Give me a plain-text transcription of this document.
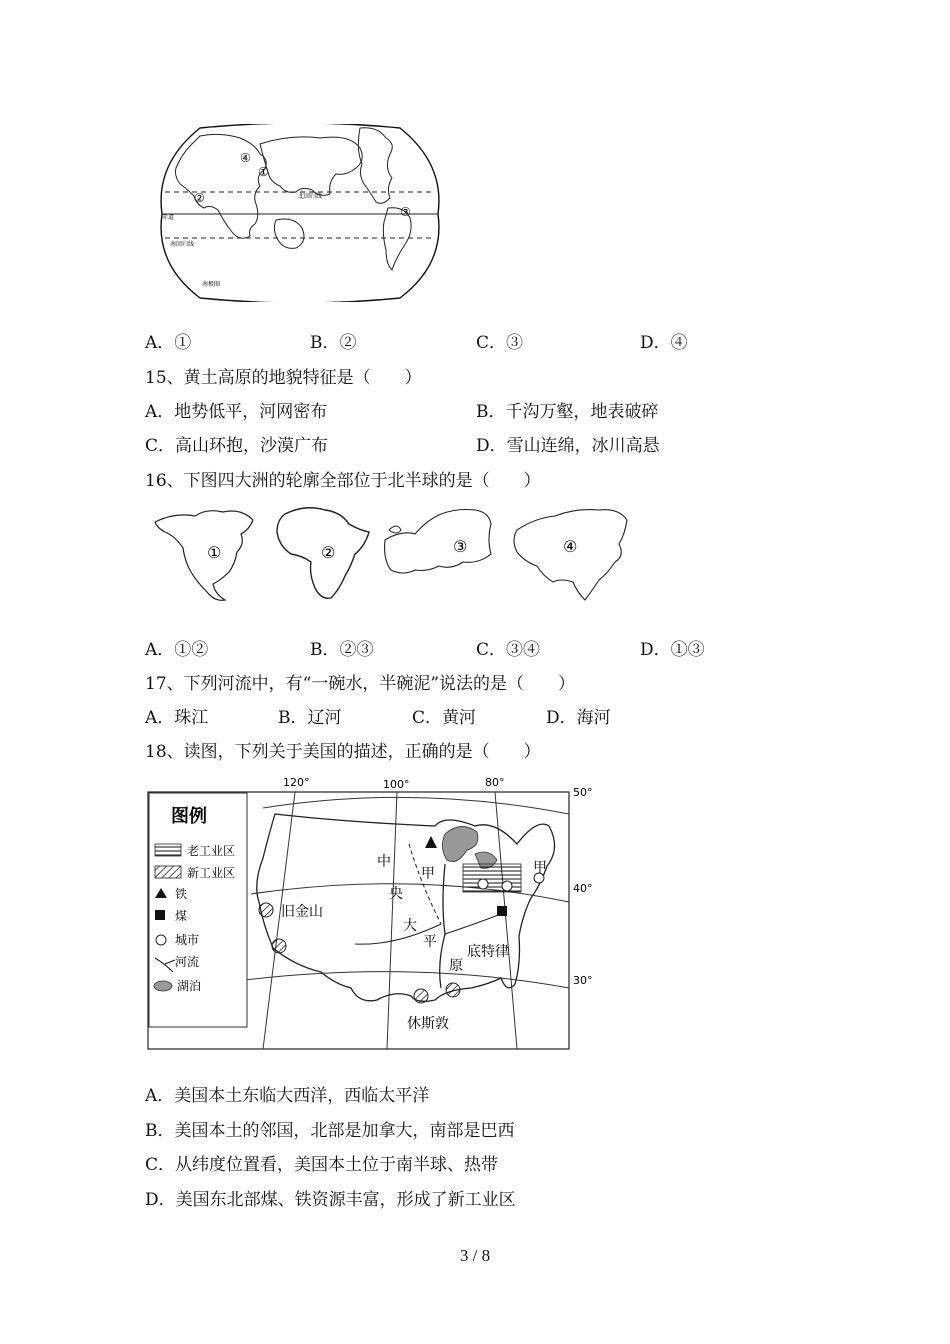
④
①
②
③
北回归线
赤道
南回归线
南极圈
A．①	B．②	C．③	D．④
15、黄土高原的地貌特征是（　　）
A．地势低平，河网密布	B．千沟万壑，地表破碎
C．高山环抱，沙漠广布	D．雪山连绵，冰川高悬
16、下图四大洲的轮廓全部位于北半球的是（　　）
①	②	③	④
A．①②	B．②③	C．③④	D．①③
17、下列河流中，有“一碗水，半碗泥”说法的是（　　）
A．珠江	B．辽河	C．黄河	D．海河
18、读图，下列关于美国的描述，正确的是（　　）
120°	100°	80°
50°
40°
30°
旧金山
休斯敦
底特律
甲	甲
中
央
大
平
原
图例
老工业区
新工业区
铁
煤
城市
河流
湖泊
A．美国本土东临大西洋，西临太平洋
B．美国本土的邻国，北部是加拿大，南部是巴西
C．从纬度位置看，美国本土位于南半球、热带
D．美国东北部煤、铁资源丰富，形成了新工业区
3 / 8
